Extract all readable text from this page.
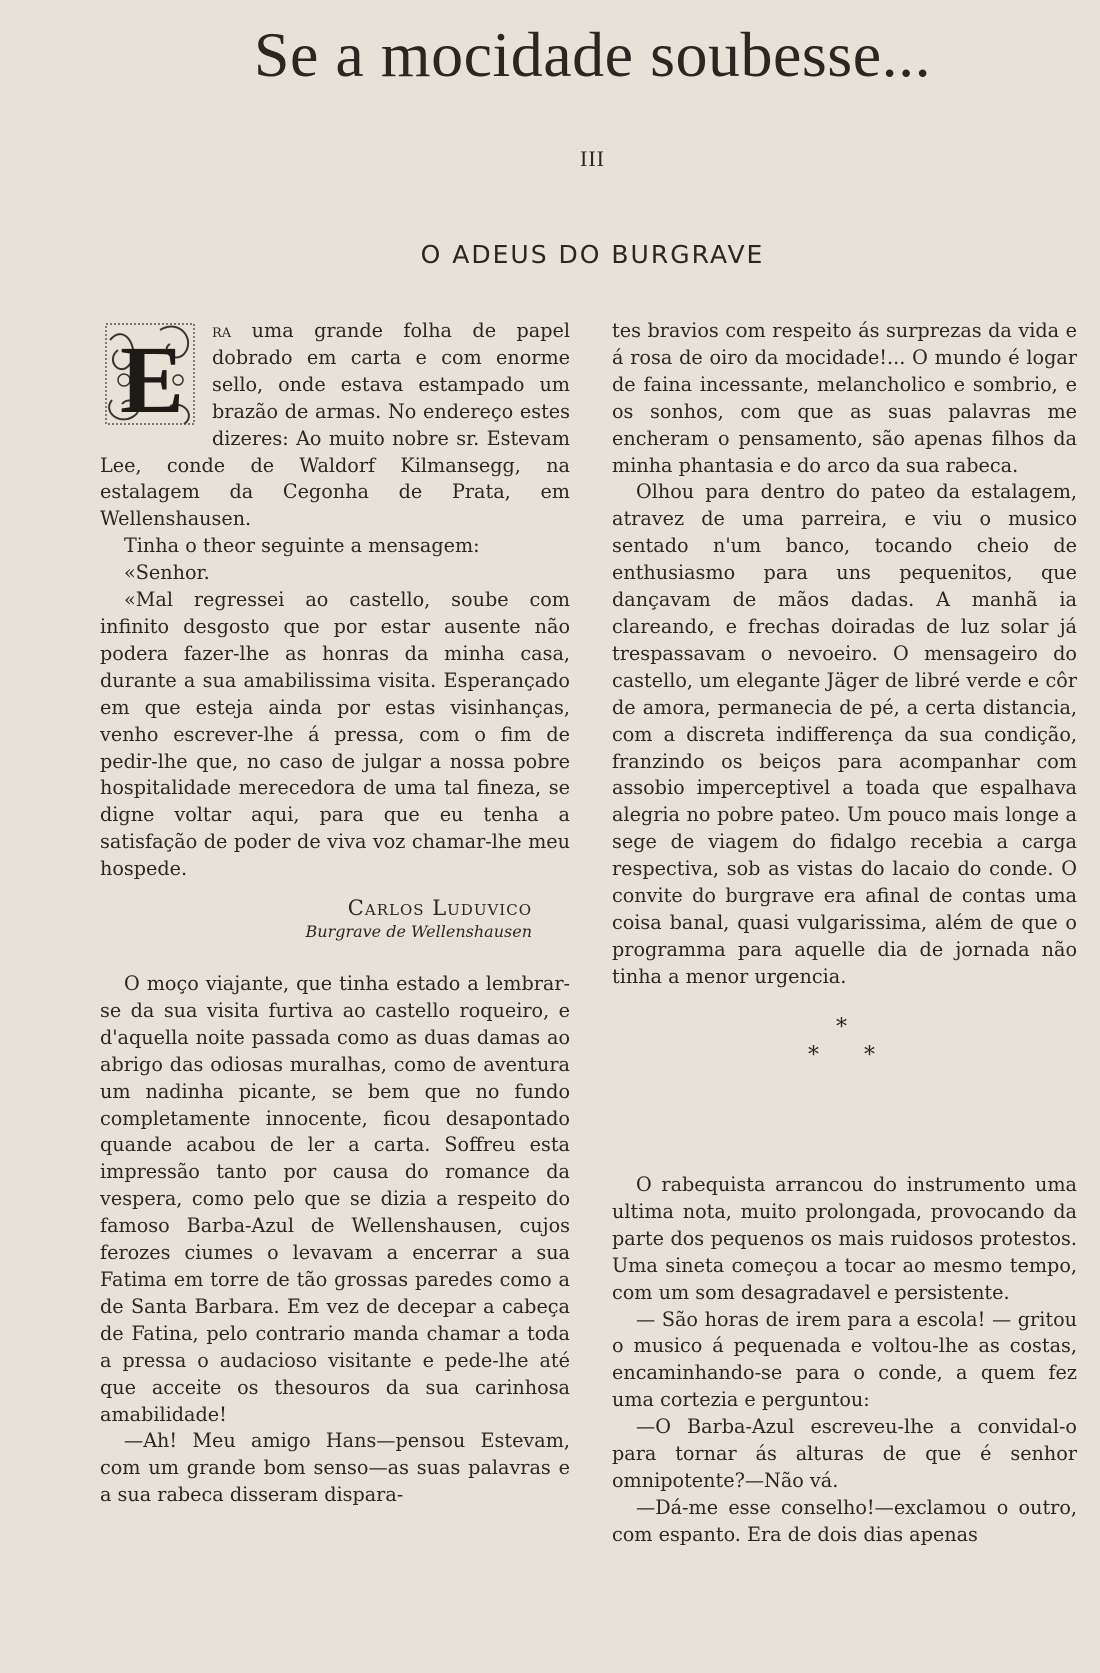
Se a mocidade soubesse...
III
O ADEUS DO BURGRAVE
E	ra uma grande folha de papel dobrado em carta e com enorme sello, onde estava estampado um brazão de armas. No endereço estes dizeres: Ao muito nobre sr. Estevam Lee, conde de Waldorf Kilmansegg, na estalagem da Cegonha de Prata, em Wellenshausen.

Tinha o theor seguinte a mensagem:

«Senhor.

«Mal regressei ao castello, soube com infinito desgosto que por estar ausente não podera fazer-lhe as honras da minha casa, durante a sua amabilissima visita. Esperançado em que esteja ainda por estas visinhanças, venho escrever-lhe á pressa, com o fim de pedir-lhe que, no caso de julgar a nossa pobre hospitalidade merecedora de uma tal fineza, se digne voltar aqui, para que eu tenha a satisfação de poder de viva voz chamar-lhe meu hospede.

Carlos Luduvico
Burgrave de Wellenshausen

O moço viajante, que tinha estado a lembrar-se da sua visita furtiva ao castello roqueiro, e d'aquella noite passada como as duas damas ao abrigo das odiosas muralhas, como de aventura um nadinha picante, se bem que no fundo completamente innocente, ficou desapontado quande acabou de ler a carta. Soffreu esta impressão tanto por causa do romance da vespera, como pelo que se dizia a respeito do famoso Barba-Azul de Wellenshausen, cujos ferozes ciumes o levavam a encerrar a sua Fatima em torre de tão grossas paredes como a de Santa Barbara. Em vez de decepar a cabeça de Fatina, pelo contrario manda chamar a toda a pressa o audacioso visitante e pede-lhe até que acceite os thesouros da sua carinhosa amabilidade!

—Ah! Meu amigo Hans—pensou Estevam, com um grande bom senso—as suas palavras e a sua rabeca disseram dispara-

tes bravios com respeito ás surprezas da vida e á rosa de oiro da mocidade!... O mundo é logar de faina incessante, melancholico e sombrio, e os sonhos, com que as suas palavras me encheram o pensamento, são apenas filhos da minha phantasia e do arco da sua rabeca.

Olhou para dentro do pateo da estalagem, atravez de uma parreira, e viu o musico sentado n'um banco, tocando cheio de enthusiasmo para uns pequenitos, que dançavam de mãos dadas. A manhã ia clareando, e frechas doiradas de luz solar já trespassavam o nevoeiro. O mensageiro do castello, um elegante Jäger de libré verde e côr de amora, permanecia de pé, a certa distancia, com a discreta indifferença da sua condição, franzindo os beiços para acompanhar com assobio imperceptivel a toada que espalhava alegria no pobre pateo. Um pouco mais longe a sege de viagem do fidalgo recebia a carga respectiva, sob as vistas do lacaio do conde. O convite do burgrave era afinal de contas uma coisa banal, quasi vulgarissima, além de que o programma para aquelle dia de jornada não tinha a menor urgencia.

*
* *

O rabequista arrancou do instrumento uma ultima nota, muito prolongada, provocando da parte dos pequenos os mais ruidosos protestos. Uma sineta começou a tocar ao mesmo tempo, com um som desagradavel e persistente.

— São horas de irem para a escola! — gritou o musico á pequenada e voltou-lhe as costas, encaminhando-se para o conde, a quem fez uma cortezia e perguntou:

—O Barba-Azul escreveu-lhe a convidal-o para tornar ás alturas de que é senhor omnipotente?—Não vá.

—Dá-me esse conselho!—exclamou o outro, com espanto. Era de dois dias apenas
